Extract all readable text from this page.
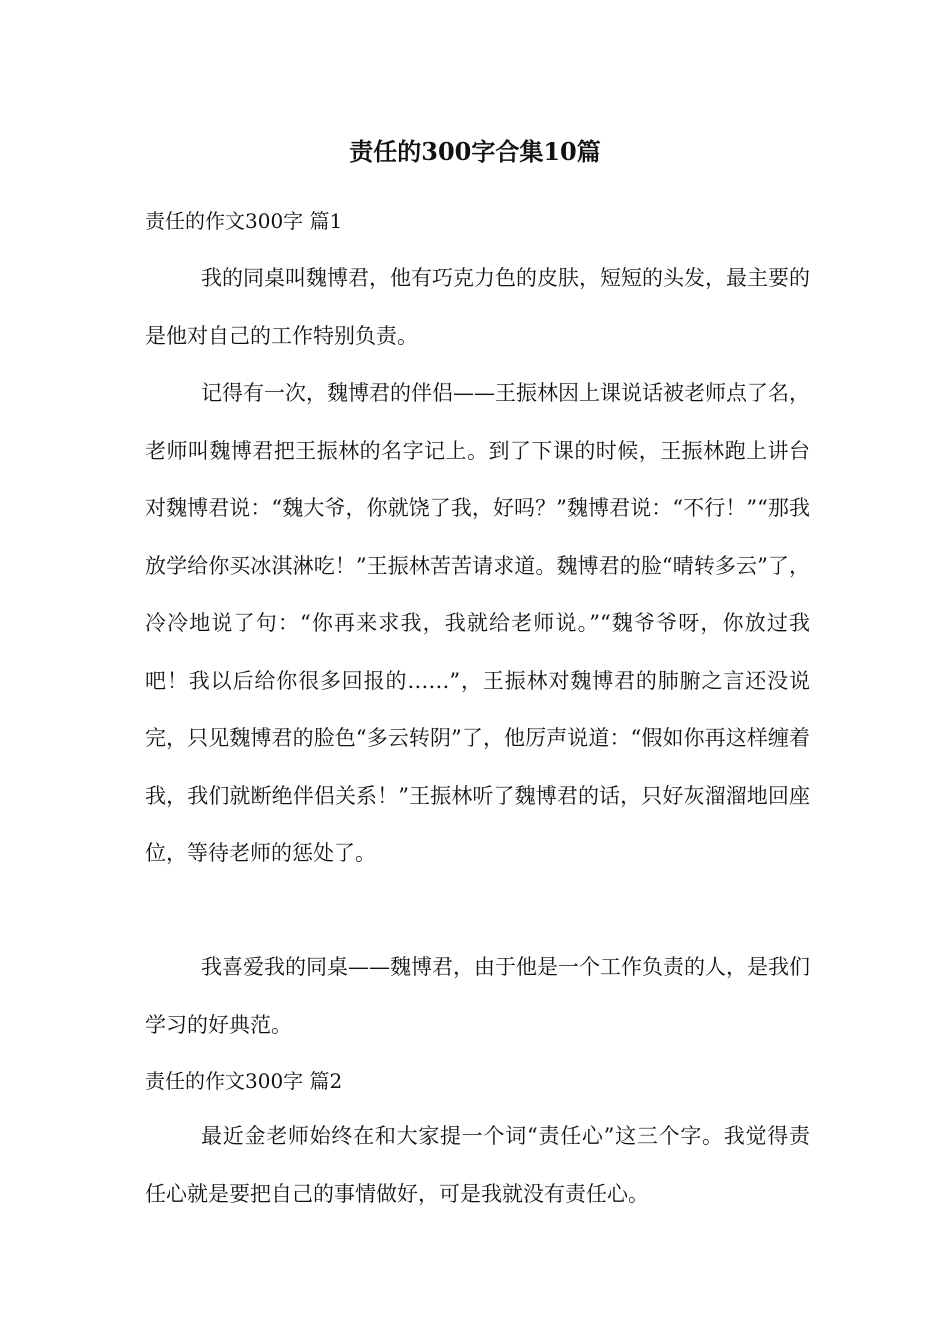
责任的300字合集10篇
责任的作文300字 篇1
我的同桌叫魏博君，他有巧克力色的皮肤，短短的头发，最主要的是他对自己的工作特别负责。
记得有一次，魏博君的伴侣——王振林因上课说话被老师点了名，老师叫魏博君把王振林的名字记上。到了下课的时候，王振林跑上讲台对魏博君说：“魏大爷，你就饶了我，好吗？”魏博君说：“不行！”“那我放学给你买冰淇淋吃！”王振林苦苦请求道。魏博君的脸“晴转多云”了，冷冷地说了句：“你再来求我，我就给老师说。”“魏爷爷呀，你放过我吧！我以后给你很多回报的……”，王振林对魏博君的肺腑之言还没说完，只见魏博君的脸色“多云转阴”了，他厉声说道：“假如你再这样缠着我，我们就断绝伴侣关系！”王振林听了魏博君的话，只好灰溜溜地回座位，等待老师的惩处了。
我喜爱我的同桌——魏博君，由于他是一个工作负责的人，是我们学习的好典范。
责任的作文300字 篇2
最近金老师始终在和大家提一个词“责任心”这三个字。我觉得责任心就是要把自己的事情做好，可是我就没有责任心。
